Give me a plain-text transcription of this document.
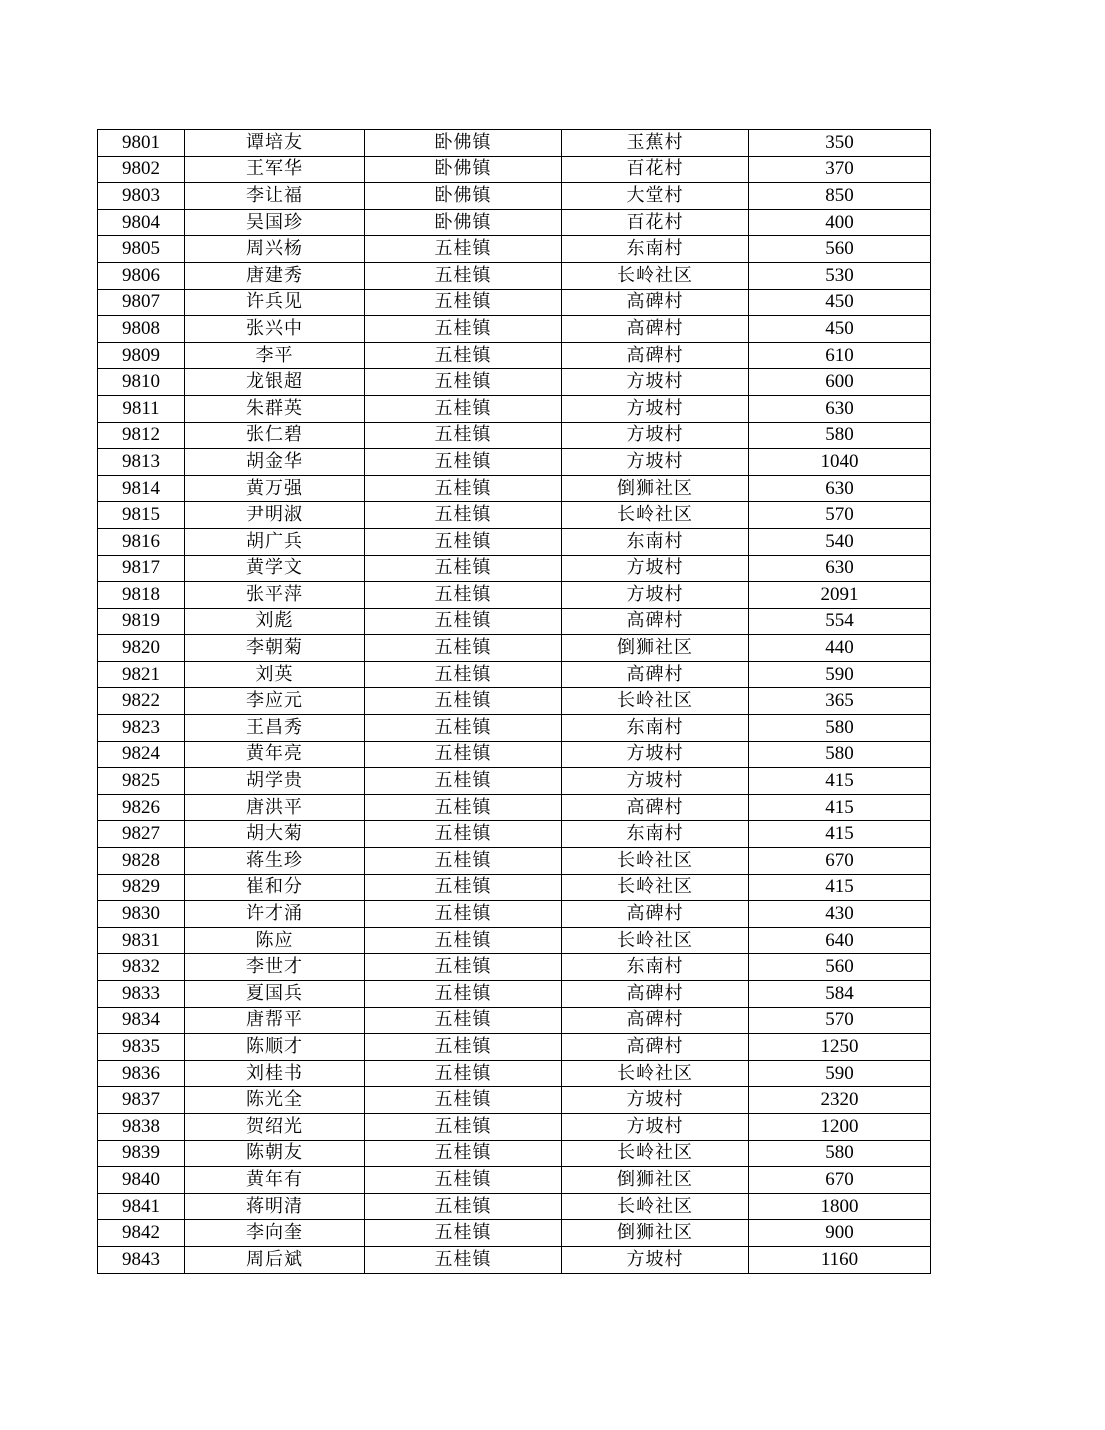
9801	谭培友	卧佛镇	玉蕉村	350
9802	王军华	卧佛镇	百花村	370
9803	李让福	卧佛镇	大堂村	850
9804	吴国珍	卧佛镇	百花村	400
9805	周兴杨	五桂镇	东南村	560
9806	唐建秀	五桂镇	长岭社区	530
9807	许兵见	五桂镇	高碑村	450
9808	张兴中	五桂镇	高碑村	450
9809	李平	五桂镇	高碑村	610
9810	龙银超	五桂镇	方坡村	600
9811	朱群英	五桂镇	方坡村	630
9812	张仁碧	五桂镇	方坡村	580
9813	胡金华	五桂镇	方坡村	1040
9814	黄万强	五桂镇	倒狮社区	630
9815	尹明淑	五桂镇	长岭社区	570
9816	胡广兵	五桂镇	东南村	540
9817	黄学文	五桂镇	方坡村	630
9818	张平萍	五桂镇	方坡村	2091
9819	刘彪	五桂镇	高碑村	554
9820	李朝菊	五桂镇	倒狮社区	440
9821	刘英	五桂镇	高碑村	590
9822	李应元	五桂镇	长岭社区	365
9823	王昌秀	五桂镇	东南村	580
9824	黄年亮	五桂镇	方坡村	580
9825	胡学贵	五桂镇	方坡村	415
9826	唐洪平	五桂镇	高碑村	415
9827	胡大菊	五桂镇	东南村	415
9828	蒋生珍	五桂镇	长岭社区	670
9829	崔和分	五桂镇	长岭社区	415
9830	许才涌	五桂镇	高碑村	430
9831	陈应	五桂镇	长岭社区	640
9832	李世才	五桂镇	东南村	560
9833	夏国兵	五桂镇	高碑村	584
9834	唐帮平	五桂镇	高碑村	570
9835	陈顺才	五桂镇	高碑村	1250
9836	刘桂书	五桂镇	长岭社区	590
9837	陈光全	五桂镇	方坡村	2320
9838	贺绍光	五桂镇	方坡村	1200
9839	陈朝友	五桂镇	长岭社区	580
9840	黄年有	五桂镇	倒狮社区	670
9841	蒋明清	五桂镇	长岭社区	1800
9842	李向奎	五桂镇	倒狮社区	900
9843	周后斌	五桂镇	方坡村	1160
